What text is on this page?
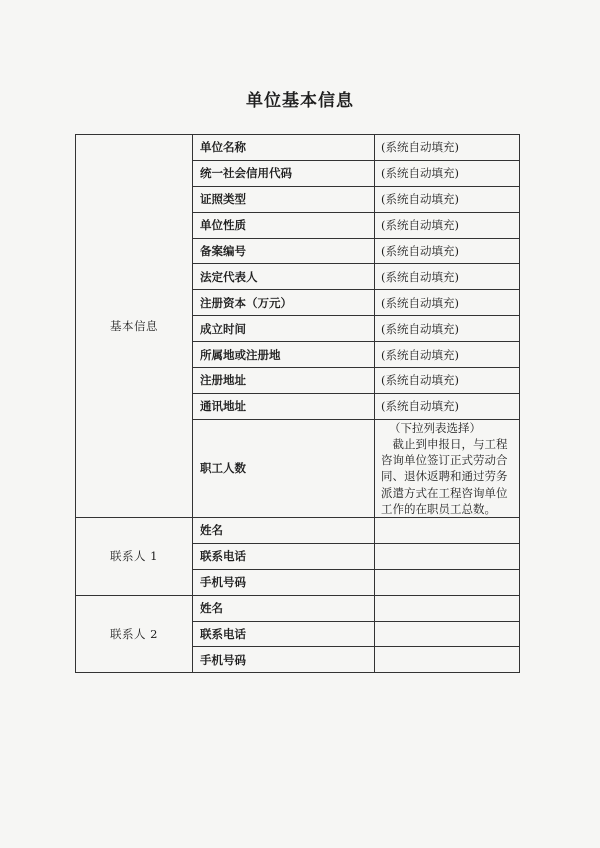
单位基本信息
基本信息	单位名称	(系统自动填充)
	统一社会信用代码	(系统自动填充)
	证照类型	(系统自动填充)
	单位性质	(系统自动填充)
	备案编号	(系统自动填充)
	法定代表人	(系统自动填充)
	注册资本（万元）	(系统自动填充)
	成立时间	(系统自动填充)
	所属地或注册地	(系统自动填充)
	注册地址	(系统自动填充)
	通讯地址	(系统自动填充)
	职工人数	（下拉列表选择）
截止到申报日，与工程咨询单位签订正式劳动合同、退休返聘和通过劳务派遣方式在工程咨询单位工作的在职员工总数。

联系人 1	姓名	
	联系电话	
	手机号码	
联系人 2	姓名	
	联系电话	
	手机号码	
